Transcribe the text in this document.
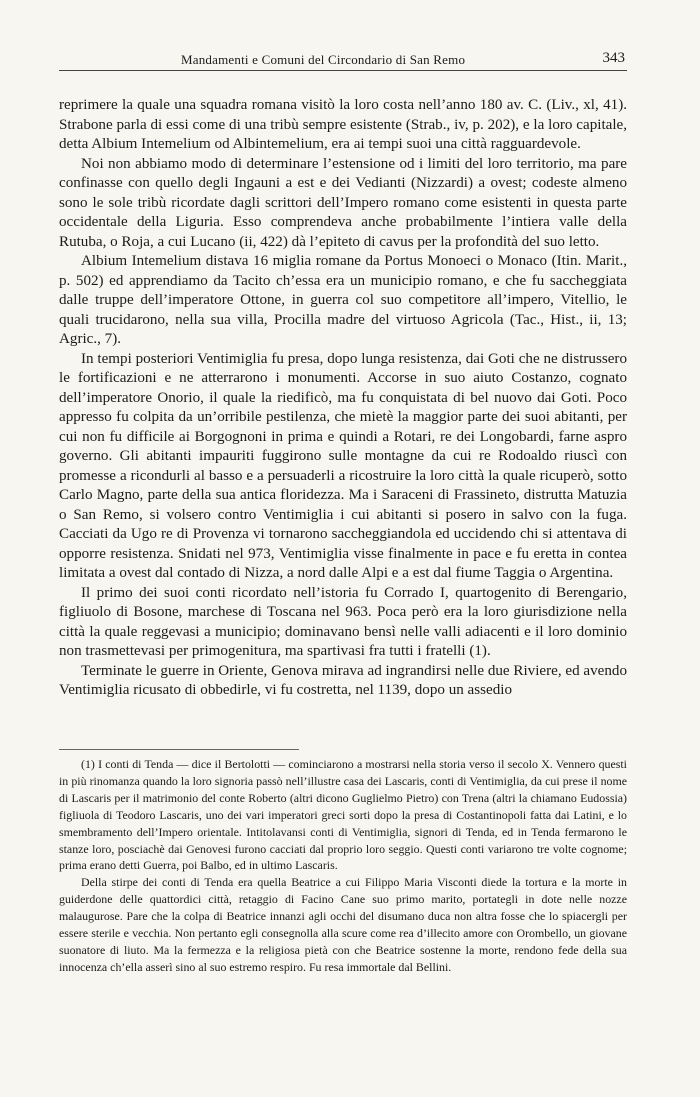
Mandamenti e Comuni del Circondario di San Remo	343

reprimere la quale una squadra romana visitò la loro costa nell’anno 180 av. C. (Liv., xl, 41). Strabone parla di essi come di una tribù sempre esistente (Strab., iv, p. 202), e la loro capitale, detta Albium Intemelium od Albintemelium, era ai tempi suoi una città ragguardevole.

Noi non abbiamo modo di determinare l’estensione od i limiti del loro territorio, ma pare confinasse con quello degli Ingauni a est e dei Vedianti (Nizzardi) a ovest; codeste almeno sono le sole tribù ricordate dagli scrittori dell’Impero romano come esistenti in questa parte occidentale della Liguria. Esso comprendeva anche probabilmente l’intiera valle della Rutuba, o Roja, a cui Lucano (ii, 422) dà l’epiteto di cavus per la profondità del suo letto.

Albium Intemelium distava 16 miglia romane da Portus Monoeci o Monaco (Itin. Marit., p. 502) ed apprendiamo da Tacito ch’essa era un municipio romano, e che fu saccheggiata dalle truppe dell’imperatore Ottone, in guerra col suo competitore all’impero, Vitellio, le quali trucidarono, nella sua villa, Procilla madre del virtuoso Agricola (Tac., Hist., ii, 13; Agric., 7).

In tempi posteriori Ventimiglia fu presa, dopo lunga resistenza, dai Goti che ne distrussero le fortificazioni e ne atterrarono i monumenti. Accorse in suo aiuto Costanzo, cognato dell’imperatore Onorio, il quale la riedificò, ma fu conquistata di bel nuovo dai Goti. Poco appresso fu colpita da un’orribile pestilenza, che mietè la maggior parte dei suoi abitanti, per cui non fu difficile ai Borgognoni in prima e quindi a Rotari, re dei Longobardi, farne aspro governo. Gli abitanti impauriti fuggirono sulle montagne da cui re Rodoaldo riuscì con promesse a ricondurli al basso e a persuaderli a ricostruire la loro città la quale ricuperò, sotto Carlo Magno, parte della sua antica floridezza. Ma i Saraceni di Frassineto, distrutta Matuzia o San Remo, si volsero contro Ventimiglia i cui abitanti si posero in salvo con la fuga. Cacciati da Ugo re di Provenza vi tornarono saccheggiandola ed uccidendo chi si attentava di opporre resistenza. Snidati nel 973, Ventimiglia visse finalmente in pace e fu eretta in contea limitata a ovest dal contado di Nizza, a nord dalle Alpi e a est dal fiume Taggia o Argentina.

Il primo dei suoi conti ricordato nell’istoria fu Corrado I, quartogenito di Berengario, figliuolo di Bosone, marchese di Toscana nel 963. Poca però era la loro giurisdizione nella città la quale reggevasi a municipio; dominavano bensì nelle valli adiacenti e il loro dominio non trasmettevasi per primogenitura, ma spartivasi fra tutti i fratelli (1).

Terminate le guerre in Oriente, Genova mirava ad ingrandirsi nelle due Riviere, ed avendo Ventimiglia ricusato di obbedirle, vi fu costretta, nel 1139, dopo un assedio

(1) I conti di Tenda — dice il Bertolotti — cominciarono a mostrarsi nella storia verso il secolo X. Vennero questi in più rinomanza quando la loro signoria passò nell’illustre casa dei Lascaris, conti di Ventimiglia, da cui prese il nome di Lascaris per il matrimonio del conte Roberto (altri dicono Guglielmo Pietro) con Trena (altri la chiamano Eudossia) figliuola di Teodoro Lascaris, uno dei vari imperatori greci sorti dopo la presa di Costantinopoli fatta dai Latini, e lo smembramento dell’Impero orientale. Intitolavansi conti di Ventimiglia, signori di Tenda, ed in Tenda fermarono le stanze loro, posciachè dai Genovesi furono cacciati dal proprio loro seggio. Questi conti variarono tre volte cognome; prima erano detti Guerra, poi Balbo, ed in ultimo Lascaris.

Della stirpe dei conti di Tenda era quella Beatrice a cui Filippo Maria Visconti diede la tortura e la morte in guiderdone delle quattordici città, retaggio di Facino Cane suo primo marito, portategli in dote nelle nozze malaugurose. Pare che la colpa di Beatrice innanzi agli occhi del disumano duca non altra fosse che lo spiacergli per essere sterile e vecchia. Non pertanto egli consegnolla alla scure come rea d’illecito amore con Orombello, un giovane suonatore di liuto. Ma la fermezza e la religiosa pietà con che Beatrice sostenne la morte, rendono fede della sua innocenza ch’ella asserì sino al suo estremo respiro. Fu resa immortale dal Bellini.
